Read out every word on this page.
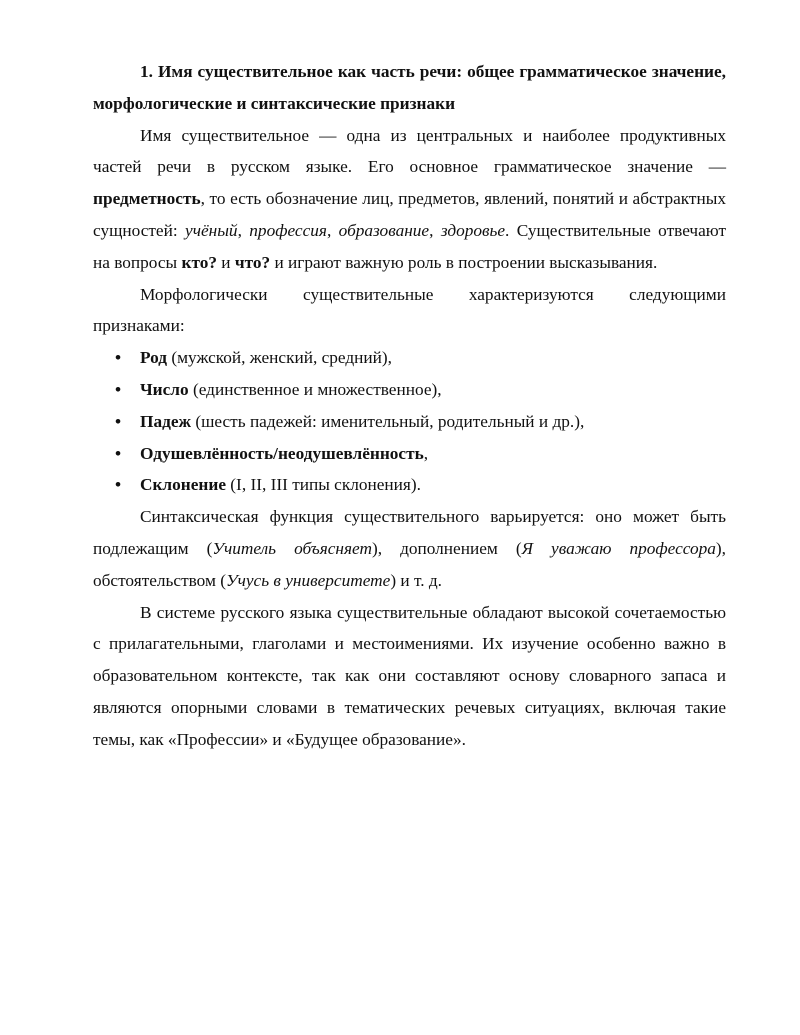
1. Имя существительное как часть речи: общее грамматическое значение, морфологические и синтаксические признаки

Имя существительное — одна из центральных и наиболее продуктивных частей речи в русском языке. Его основное грамматическое значение — предметность, то есть обозначение лиц, предметов, явлений, понятий и абстрактных сущностей: учёный, профессия, образование, здоровье. Существительные отвечают на вопросы кто? и что? и играют важную роль в построении высказывания.

Морфологически существительные характеризуются следующими признаками:

• Род (мужской, женский, средний),
• Число (единственное и множественное),
• Падеж (шесть падежей: именительный, родительный и др.),
• Одушевлённость/неодушевлённость,
• Склонение (I, II, III типы склонения).

Синтаксическая функция существительного варьируется: оно может быть подлежащим (Учитель объясняет), дополнением (Я уважаю профессора), обстоятельством (Учусь в университете) и т. д.

В системе русского языка существительные обладают высокой сочетаемостью с прилагательными, глаголами и местоимениями. Их изучение особенно важно в образовательном контексте, так как они составляют основу словарного запаса и являются опорными словами в тематических речевых ситуациях, включая такие темы, как «Профессии» и «Будущее образование».
